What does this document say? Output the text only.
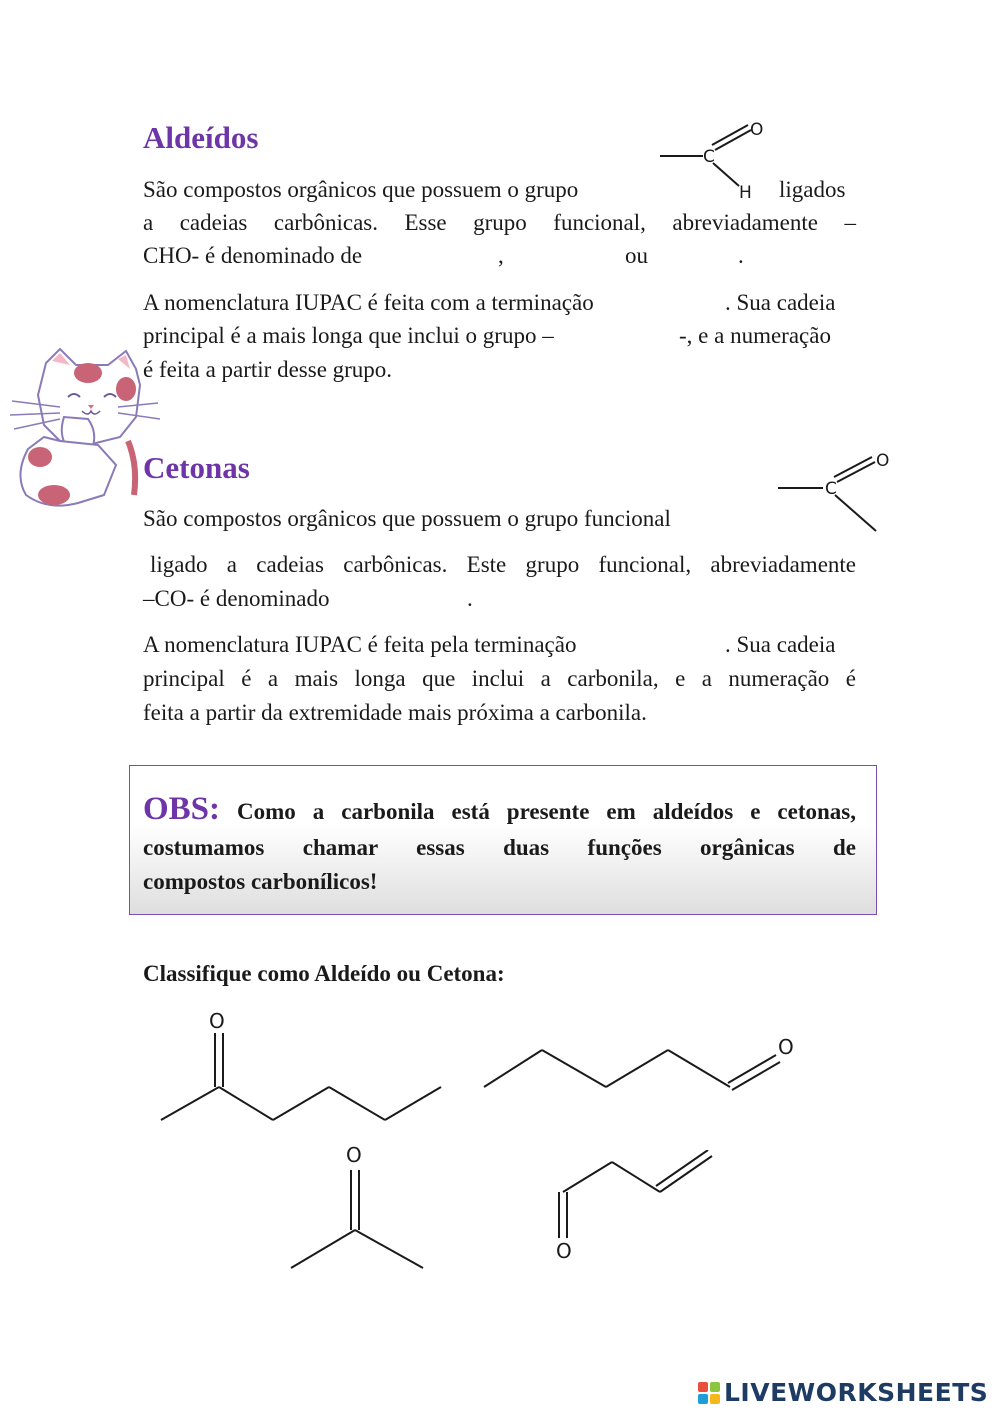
Aldeídos
C
O
H
São compostos orgânicos que possuem o grupo	ligados
a cadeias carbônicas. Esse grupo funcional, abreviadamente –
CHO- é denominado de	,	ou	.
A nomenclatura IUPAC é feita com a terminação	. Sua cadeia
principal é a mais longa que inclui o grupo –	-, e a numeração
é feita a partir desse grupo.
Cetonas
C
O
São compostos orgânicos que possuem o grupo funcional
ligado a cadeias carbônicas. Este grupo funcional, abreviadamente
–CO- é denominado	.
A nomenclatura IUPAC é feita pela terminação	. Sua cadeia
principal é a mais longa que inclui a carbonila, e a numeração é
feita a partir da extremidade mais próxima a carbonila.
OBS: Como a carbonila está presente em aldeídos e cetonas,
costumamos chamar essas duas funções orgânicas de
compostos carbonílicos!
Classifique como Aldeído ou Cetona:
O
O
O
O
LIVEWORKSHEETS
